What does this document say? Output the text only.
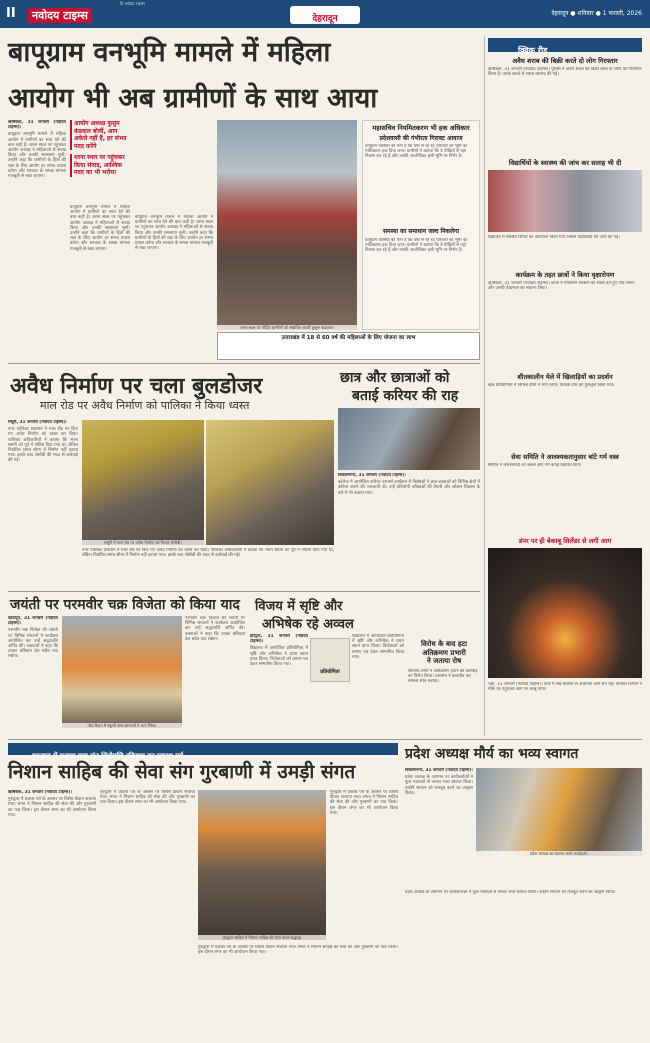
दि नवोदय टाइम्स
II	नवोदय टाइम्स	देहरादून
देहरादून ● शनिवार ● 1 फरवरी, 2026
बापूग्राम वनभूमि मामले में महिला
आयोग भी अब ग्रामीणों के साथ आया

ऋषिकेश, 31 जनवरी (नवोदय टाइम्स)।

बापूग्राम वनभूमि मामले में महिला आयोग ने ग्रामीणों का साथ देने की बात कही है। धरना स्थल पर पहुंचकर आयोग अध्यक्ष ने महिलाओं से संवाद किया और उनकी समस्याएं सुनीं। उन्होंने कहा कि ग्रामीणों के हितों की रक्षा के लिए आयोग हर संभव प्रयास करेगा और सरकार के समक्ष मामला मजबूती से रखा जाएगा।

आयोग अध्यक्ष कुसुम कंडवाल बोलीं, आप अकेले नहीं हैं, हर संभव मदद करेंगे
धरना स्थल पर पहुंचकर किया संवाद, आश्विक मदद का भी भरोसा

बापूग्राम वनभूमि मामले में महिला आयोग ने ग्रामीणों का साथ देने की बात कही है। धरना स्थल पर पहुंचकर आयोग अध्यक्ष ने महिलाओं से संवाद किया और उनकी समस्याएं सुनीं। उन्होंने कहा कि ग्रामीणों के हितों की रक्षा के लिए आयोग हर संभव प्रयास करेगा और सरकार के समक्ष मामला मजबूती से रखा जाएगा।

धरना स्थल पर पीड़ित ग्रामीणों को संबोधित करतीं कुसुम कंडवाल।

बापूग्राम वनभूमि मामले में महिला आयोग ने ग्रामीणों का साथ देने की बात कही है। धरना स्थल पर पहुंचकर आयोग अध्यक्ष ने महिलाओं से संवाद किया और उनकी समस्याएं सुनीं। उन्होंने कहा कि ग्रामीणों के हितों की रक्षा के लिए आयोग हर संभव प्रयास करेगा और सरकार के समक्ष मामला मजबूती से रखा जाएगा।

महासचिव नियमितकरण भी हक अधिकार
प्रदेशवासी की गंभीरता गिरावट आवाज
बापूग्राम वासियों की मांग है कि वर्षों से रह रहे परिवारों को भूमि का मालिकाना हक दिया जाए। ग्रामीणों ने बताया कि वे पीढ़ियों से यहां निवास कर रहे हैं और उनकी आजीविका इसी भूमि पर निर्भर है।
समस्या का समाधान जल्द निकलेगा
बापूग्राम वासियों की मांग है कि वर्षों से रह रहे परिवारों को भूमि का मालिकाना हक दिया जाए। ग्रामीणों ने बताया कि वे पीढ़ियों से यहां निवास कर रहे हैं और उनकी आजीविका इसी भूमि पर निर्भर है।
उत्तराखंड में 18 से 60 वर्ष की महिलाओं के लिए योजना का लाभ
अवैध निर्माण पर चला बुलडोजर
माल रोड पर अवैध निर्माण को पालिका ने किया ध्वस्त

मसूरी, 31 जनवरी (नवोदय टाइम्स)।

नगर पालिका प्रशासन ने माल रोड पर किए गए अवैध निर्माण को ध्वस्त कर दिया। पालिका अधिकारियों ने बताया कि भवन स्वामी को पूर्व में नोटिस दिया गया था, लेकिन निर्धारित समय सीमा में निर्माण नहीं हटाया गया। इसके बाद जेसीबी की मदद से कार्रवाई की गई।

मसूरी में माल रोड पर अवैध निर्माण को गिराते जेसीबी।

नगर पालिका प्रशासन ने माल रोड पर किए गए अवैध निर्माण को ध्वस्त कर दिया। पालिका अधिकारियों ने बताया कि भवन स्वामी को पूर्व में नोटिस दिया गया था, लेकिन निर्धारित समय सीमा में निर्माण नहीं हटाया गया। इसके बाद जेसीबी की मदद से कार्रवाई की गई।

छात्र और छात्राओं को
बताई करियर की राह

विकासनगर, 31 जनवरी (नवोदय टाइम्स)।

कॉलेज में आयोजित करियर परामर्श कार्यक्रम में विशेषज्ञों ने छात्र-छात्राओं को विभिन्न क्षेत्रों में करियर बनाने की जानकारी दी। उन्हें प्रतियोगी परीक्षाओं की तैयारी और कौशल विकास के बारे में भी बताया गया।

जयंती पर परमवीर चक्र विजेता को किया याद

देहरादून, 31 जनवरी (नवोदय टाइम्स)।

परमवीर चक्र विजेता की जयंती पर विभिन्न संगठनों ने कार्यक्रम आयोजित कर उन्हें श्रद्धांजलि अर्पित की। वक्ताओं ने कहा कि उनका बलिदान देश सदैव याद रखेगा।

परेड मैदान में स्कूली छात्र-छात्राओं ने भाग लिया।

परमवीर चक्र विजेता की जयंती पर विभिन्न संगठनों ने कार्यक्रम आयोजित कर उन्हें श्रद्धांजलि अर्पित की। वक्ताओं ने कहा कि उनका बलिदान देश सदैव याद रखेगा।

विजय में सृष्टि और
अभिषेक रहे अव्वल

हरिद्वार, 31 जनवरी (नवोदय टाइम्स)।

विद्यालय में आयोजित प्रतियोगिता में सृष्टि और अभिषेक ने प्रथम स्थान प्राप्त किया। विजेताओं को प्रमाण पत्र देकर सम्मानित किया गया।

प्रतियोगिता

विद्यालय में आयोजित प्रतियोगिता में सृष्टि और अभिषेक ने प्रथम स्थान प्राप्त किया। विजेताओं को प्रमाण पत्र देकर सम्मानित किया गया।

विरोध के बाद हटा
अतिक्रमण प्रभारी
ने जताया रोष
स्थानीय लोगों ने अतिक्रमण हटाने की कार्रवाई का विरोध किया। प्रशासन ने बातचीत कर मामला शांत कराया।
क्विक रीड
अवैध शराब की बिक्री करते दो लोग गिरफ्तार
ऋषिकेश, 31 जनवरी (नवोदय टाइम्स)। पुलिस ने अवैध शराब की बिक्री करते दो लोगों को गिरफ्तार किया है। उनके कब्जे से शराब बरामद की गई।
विद्यार्थियों के स्वास्थ्य की जांच कर सलाह भी दी
विद्यालय में स्वास्थ्य शिविर का आयोजन किया गया जिसमें विद्यार्थियों की जांच की गई।
कार्यक्रम के तहत छात्रों ने किया वृक्षारोपण
ऋषिकेश, 31 जनवरी (नवोदय टाइम्स)। छात्रों ने पर्यावरण संरक्षण का संदेश देते हुए पौधे लगाए और उनकी देखभाल का संकल्प लिया।
शीतकालीन मेले में खिलाड़ियों का प्रदर्शन
खेल प्रतियोगिता में विभिन्न टीमों ने भाग लिया। विजेता टीम को पुरस्कृत किया गया।
सेवा समिति ने आवश्यकतानुसार बांटे गर्म वस्त्र
समिति ने जरूरतमंदों को कंबल और गर्म कपड़े वितरित किए।
डंपर पर ही बेकाबू सिलेंडर से लगी आग
चंबा, 31 जनवरी (नवोदय टाइम्स)। डंपर में रखे सिलेंडर से अचानक आग लग गई। दमकल विभाग ने मौके पर पहुंचकर आग पर काबू पाया।
गुरुद्वारा में मनाया गया संत शिरोमणि रविदास का प्रकाश पर्व
निशान साहिब की सेवा संग गुरबाणी में उमड़ी संगत

ऋषिकेश, 31 जनवरी (नवोदय टाइम्स)।

गुरुद्वारा में प्रकाश पर्व के अवसर पर विशेष दीवान सजाया गया। संगत ने निशान साहिब की सेवा की और गुरबाणी का पाठ किया। इस दौरान लंगर का भी आयोजन किया गया।

गुरुद्वारा में प्रकाश पर्व के अवसर पर विशेष दीवान सजाया गया। संगत ने निशान साहिब की सेवा की और गुरबाणी का पाठ किया। इस दौरान लंगर का भी आयोजन किया गया।

गुरुद्वारा साहिब में निशान साहिब की सेवा करते श्रद्धालु।

गुरुद्वारा में प्रकाश पर्व के अवसर पर विशेष दीवान सजाया गया। संगत ने निशान साहिब की सेवा की और गुरबाणी का पाठ किया। इस दौरान लंगर का भी आयोजन किया गया।

गुरुद्वारा में प्रकाश पर्व के अवसर पर विशेष दीवान सजाया गया। संगत ने निशान साहिब की सेवा की और गुरबाणी का पाठ किया। इस दौरान लंगर का भी आयोजन किया गया।

प्रदेश अध्यक्ष मौर्य का भव्य स्वागत

विकासनगर, 31 जनवरी (नवोदय टाइम्स)।

प्रदेश अध्यक्ष के आगमन पर कार्यकर्ताओं ने फूल मालाओं से उनका भव्य स्वागत किया। उन्होंने संगठन को मजबूत करने का आह्वान किया।

प्रदेश अध्यक्ष का स्वागत करते कार्यकर्ता।

प्रदेश अध्यक्ष के आगमन पर कार्यकर्ताओं ने फूल मालाओं से उनका भव्य स्वागत किया। उन्होंने संगठन को मजबूत करने का आह्वान किया।
